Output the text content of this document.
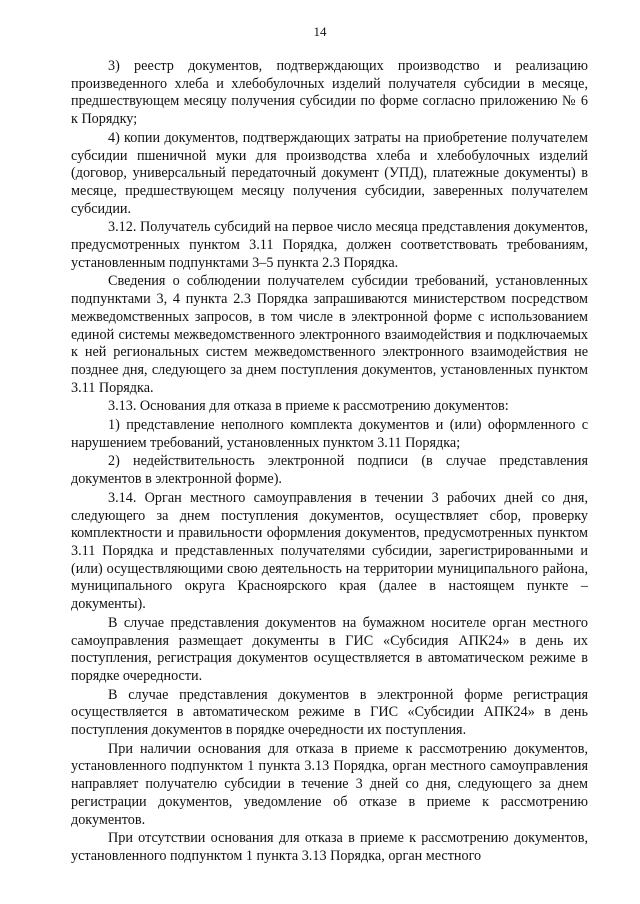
14

3) реестр документов, подтверждающих производство и реализацию произведенного хлеба и хлебобулочных изделий получателя субсидии в месяце, предшествующем месяцу получения субсидии по форме согласно приложению № 6 к Порядку;

4) копии документов, подтверждающих затраты на приобретение получателем субсидии пшеничной муки для производства хлеба и хлебобулочных изделий (договор, универсальный передаточный документ (УПД), платежные документы) в месяце, предшествующем месяцу получения субсидии, заверенных получателем субсидии.

3.12. Получатель субсидий на первое число месяца представления документов, предусмотренных пунктом 3.11 Порядка, должен соответствовать требованиям, установленным подпунктами 3–5 пункта 2.3 Порядка.

Сведения о соблюдении получателем субсидии требований, установленных подпунктами 3, 4 пункта 2.3 Порядка запрашиваются министерством посредством межведомственных запросов, в том числе в электронной форме с использованием единой системы межведомственного электронного взаимодействия и подключаемых к ней региональных систем межведомственного электронного взаимодействия не позднее дня, следующего за днем поступления документов, установленных пунктом 3.11 Порядка.

3.13. Основания для отказа в приеме к рассмотрению документов:

1) представление неполного комплекта документов и (или) оформленного с нарушением требований, установленных пунктом 3.11 Порядка;

2) недействительность электронной подписи (в случае представления документов в электронной форме).

3.14. Орган местного самоуправления в течении 3 рабочих дней со дня, следующего за днем поступления документов, осуществляет сбор, проверку комплектности и правильности оформления документов, предусмотренных пунктом 3.11 Порядка и представленных получателями субсидии, зарегистрированными и (или) осуществляющими свою деятельность на территории муниципального района, муниципального округа Красноярского края (далее в настоящем пункте – документы).

В случае представления документов на бумажном носителе орган местного самоуправления размещает документы в ГИС «Субсидия АПК24» в день их поступления, регистрация документов осуществляется в автоматическом режиме в порядке очередности.

В случае представления документов в электронной форме регистрация осуществляется в автоматическом режиме в ГИС «Субсидии АПК24» в день поступления документов в порядке очередности их поступления.

При наличии основания для отказа в приеме к рассмотрению документов, установленного подпунктом 1 пункта 3.13 Порядка, орган местного самоуправления направляет получателю субсидии в течение 3 дней со дня, следующего за днем регистрации документов, уведомление об отказе в приеме к рассмотрению документов.

При отсутствии основания для отказа в приеме к рассмотрению документов, установленного подпунктом 1 пункта 3.13 Порядка, орган местного
